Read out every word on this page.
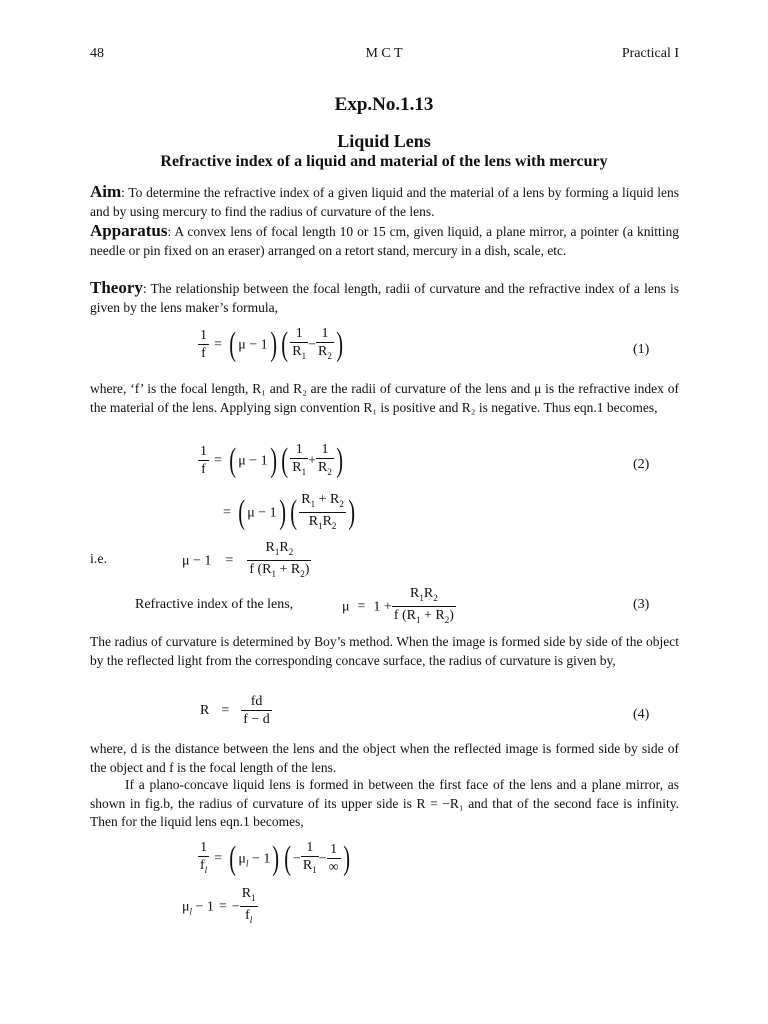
48	M C T	Practical I
Exp.No.1.13
Liquid Lens
Refractive index of a liquid and material of the lens with mercury
Aim: To determine the refractive index of a given liquid and the material of a lens by forming a liquid lens and by using mercury to find the radius of curvature of the lens.
Apparatus: A convex lens of focal length 10 or 15 cm, given liquid, a plane mirror, a pointer (a knitting needle or pin fixed on an eraser) arranged on a retort stand, mercury in a dish, scale, etc.
Theory: The relationship between the focal length, radii of curvature and the refractive index of a lens is given by the lens maker’s formula,
$\frac{1}{f}$ = ( μ − 1) ( $\frac{1}{R_1} - \frac{1}{R_2}$ )	(1)
where, ‘f’ is the focal length, R₁ and R₂ are the radii of curvature of the lens and μ is the refractive index of the material of the lens. Applying sign convention R₁ is positive and R₂ is negative. Thus eqn.1 becomes,
$\frac{1}{f}$ = ( μ − 1) ( $\frac{1}{R_1} + \frac{1}{R_2}$ )	(2)
= ( μ − 1) ( $\frac{R_1 + R_2}{R_1R_2}$ )
i.e.	$\mu - 1 = \frac{R_1R_2}{f (R_1 + R_2)}$
Refractive index of the lens,	$\mu = 1 + \frac{R_1R_2}{f (R_1 + R_2)}$	(3)
The radius of curvature is determined by Boy’s method. When the image is formed side by side of the object by the reflected light from the corresponding concave surface, the radius of curvature is given by,
$R = \frac{fd}{f - d}$	(4)
where, d is the distance between the lens and the object when the reflected image is formed side by side of the object and f is the focal length of the lens.
If a plano-concave liquid lens is formed in between the first face of the lens and a plane mirror, as shown in fig.b, the radius of curvature of its upper side is R = −R₁ and that of the second face is infinity. Then for the liquid lens eqn.1 becomes,
$\frac{1}{f_l}$ = ( $\mu_l - 1$) ( − $\frac{1}{R_1} - \frac{1}{\infty}$ )
$\mu_l - 1$ = − $\frac{R_1}{f_l}$
